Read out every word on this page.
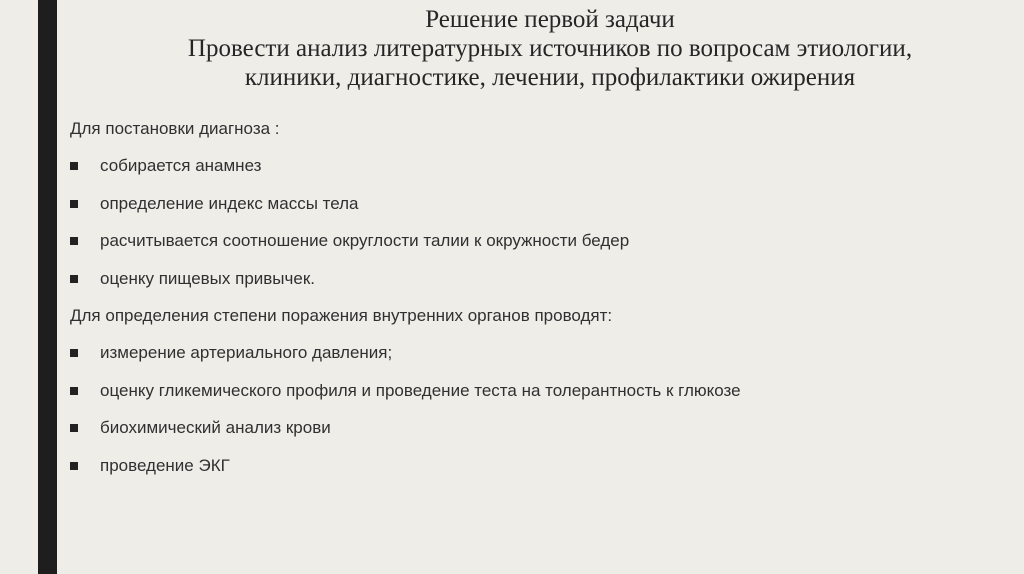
Решение первой задачи
Провести анализ литературных источников по вопросам этиологии,
клиники, диагностике, лечении, профилактики ожирения
Для постановки диагноза :
собирается анамнез
определение индекс массы тела
расчитывается соотношение округлости талии к окружности бедер
оценку пищевых привычек.
Для определения степени поражения внутренних органов проводят:
измерение артериального давления;
оценку гликемического профиля и проведение теста на толерантность к глюкозе
биохимический анализ крови
проведение ЭКГ
